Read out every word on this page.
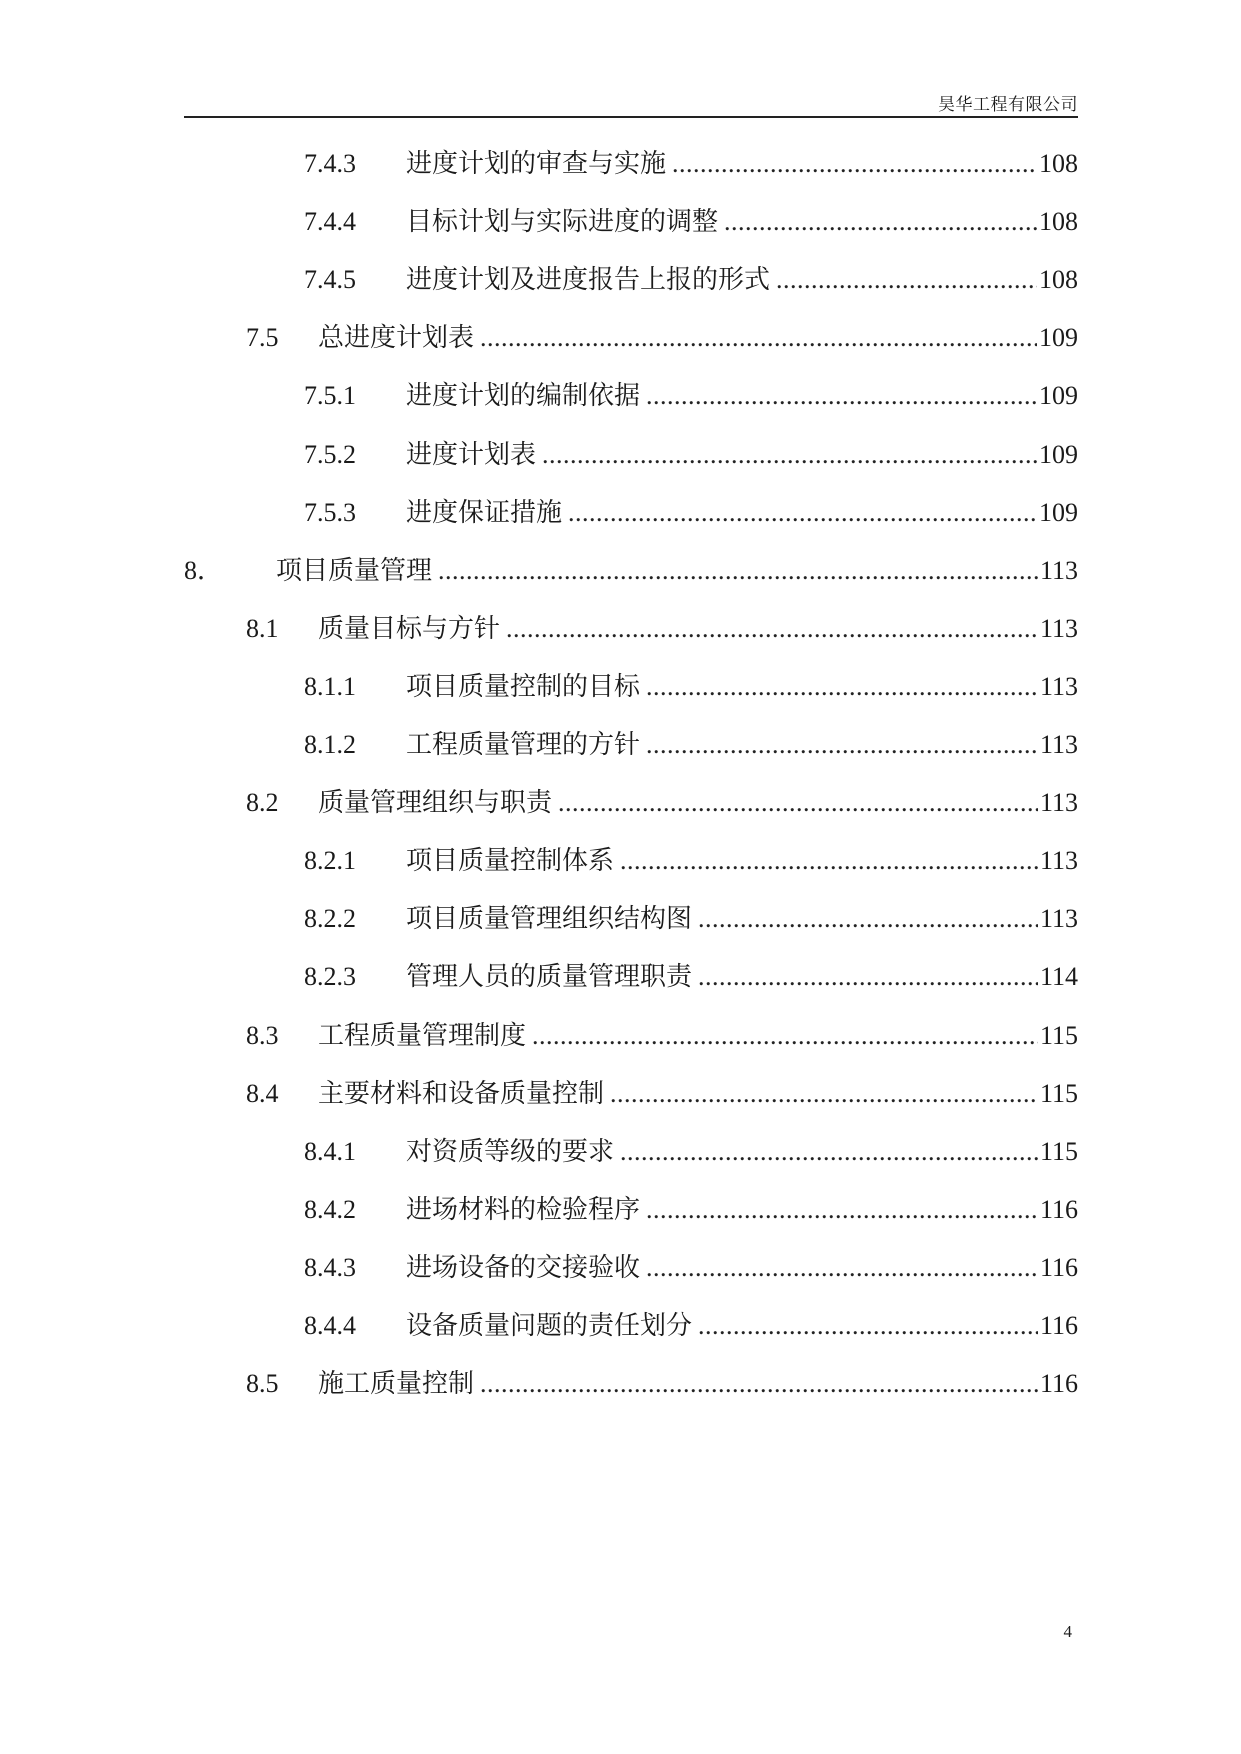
昊华工程有限公司
7.4.3	进度计划的审查与实施 .....	108
7.4.4	目标计划与实际进度的调整 .....	108
7.4.5	进度计划及进度报告上报的形式 .....	108
7.5	总进度计划表 .....	109
7.5.1	进度计划的编制依据 .....	109
7.5.2	进度计划表 .....	109
7.5.3	进度保证措施 .....	109
8．	项目质量管理 .....	113
8.1	质量目标与方针 .....	113
8.1.1	项目质量控制的目标 .....	113
8.1.2	工程质量管理的方针 .....	113
8.2	质量管理组织与职责 .....	113
8.2.1	项目质量控制体系 .....	113
8.2.2	项目质量管理组织结构图 .....	113
8.2.3	管理人员的质量管理职责 .....	114
8.3	工程质量管理制度 .....	115
8.4	主要材料和设备质量控制 .....	115
8.4.1	对资质等级的要求 .....	115
8.4.2	进场材料的检验程序 .....	116
8.4.3	进场设备的交接验收 .....	116
8.4.4	设备质量问题的责任划分 .....	116
8.5	施工质量控制 .....	116
4
